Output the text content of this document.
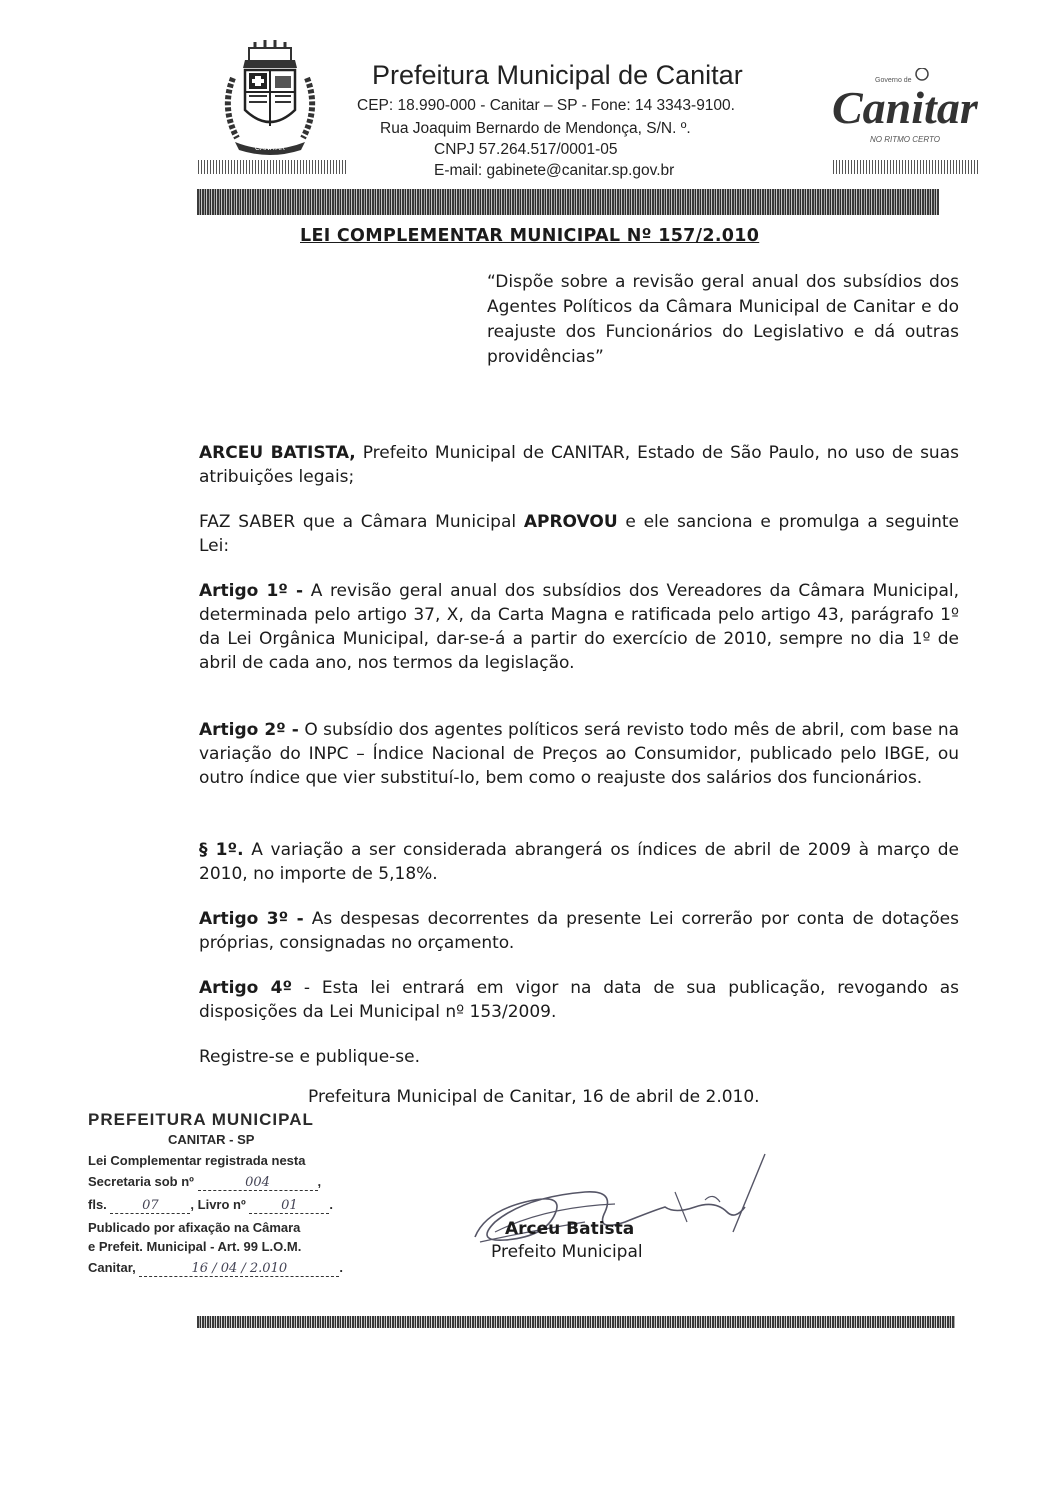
CANITAR
Prefeitura Municipal de Canitar
CEP: 18.990-000 - Canitar – SP - Fone: 14 3343-9100.
Rua Joaquim Bernardo de Mendonça, S/N. º.
CNPJ 57.264.517/0001-05
E-mail: gabinete@canitar.sp.gov.br
Governo de
Canitar
NO RITMO CERTO
LEI COMPLEMENTAR MUNICIPAL Nº 157/2.010
“Dispõe sobre a revisão geral anual dos subsídios dos Agentes Políticos da Câmara Municipal de Canitar e do reajuste dos Funcionários do Legislativo e dá outras providências”
ARCEU BATISTA, Prefeito Municipal de CANITAR, Estado de São Paulo, no uso de suas atribuições legais;
FAZ SABER que a Câmara Municipal APROVOU e ele sanciona e promulga a seguinte Lei:
Artigo 1º - A revisão geral anual dos subsídios dos Vereadores da Câmara Municipal, determinada pelo artigo 37, X, da Carta Magna e ratificada pelo artigo 43, parágrafo 1º da Lei Orgânica Municipal, dar-se-á a partir do exercício de 2010, sempre no dia 1º de abril de cada ano, nos termos da legislação.
Artigo 2º - O subsídio dos agentes políticos será revisto todo mês de abril, com base na variação do INPC – Índice Nacional de Preços ao Consumidor, publicado pelo IBGE, ou outro índice que vier substituí-lo, bem como o reajuste dos salários dos funcionários.
§ 1º. A variação a ser considerada abrangerá os índices de abril de 2009 à março de 2010, no importe de 5,18%.
Artigo 3º - As despesas decorrentes da presente Lei correrão por conta de dotações próprias, consignadas no orçamento.
Artigo 4º - Esta lei entrará em vigor na data de sua publicação, revogando as disposições da Lei Municipal nº 153/2009.
Registre-se e publique-se.
Prefeitura Municipal de Canitar, 16 de abril de 2.010.
PREFEITURA MUNICIPAL
CANITAR - SP
Lei Complementar registrada nesta
Secretaria sob nº	004	,
fls.	07 , Livro nº	01 .
Publicado por afixação na Câmara
e Prefeit. Municipal - Art. 99 L.O.M.
Canitar,	16 / 04 / 2.010	.
Arceu Batista
Prefeito Municipal
